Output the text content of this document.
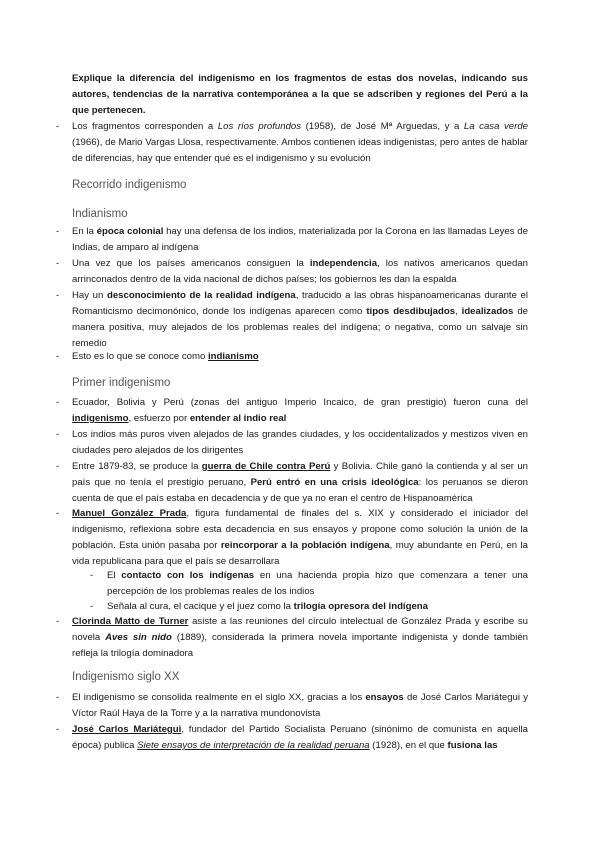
Explique la diferencia del indigenismo en los fragmentos de estas dos novelas, indicando sus autores, tendencias de la narrativa contemporánea a la que se adscriben y regiones del Perú a la que pertenecen.
- Los fragmentos corresponden a Los ríos profundos (1958), de José Mª Arguedas, y a La casa verde (1966), de Mario Vargas Llosa, respectivamente. Ambos contienen ideas indigenistas, pero antes de hablar de diferencias, hay que entender qué es el indigenismo y su evolución
Recorrido indigenismo
Indianismo
- En la época colonial hay una defensa de los indios, materializada por la Corona en las llamadas Leyes de Indias, de amparo al indígena
- Una vez que los países americanos consiguen la independencia, los nativos americanos quedan arrinconados dentro de la vida nacional de dichos países; los gobiernos les dan la espalda
- Hay un desconocimiento de la realidad indígena, traducido a las obras hispanoamericanas durante el Romanticismo decimonónico, donde los indígenas aparecen como tipos desdibujados, idealizados de manera positiva, muy alejados de los problemas reales del indígena; o negativa, como un salvaje sin remedio
- Esto es lo que se conoce como indianismo
Primer indigenismo
- Ecuador, Bolivia y Perú (zonas del antiguo Imperio Incaico, de gran prestigio) fueron cuna del indigenismo, esfuerzo por entender al indio real
- Los indios más puros viven alejados de las grandes ciudades, y los occidentalizados y mestizos viven en ciudades pero alejados de los dirigentes
- Entre 1879-83, se produce la guerra de Chile contra Perú y Bolivia. Chile ganó la contienda y al ser un país que no tenía el prestigio peruano, Perú entró en una crisis ideológica: los peruanos se dieron cuenta de que el país estaba en decadencia y de que ya no eran el centro de Hispanoamérica
- Manuel González Prada, figura fundamental de finales del s. XIX y considerado el iniciador del indigenismo, reflexiona sobre esta decadencia en sus ensayos y propone como solución la unión de la población. Esta unión pasaba por reincorporar a la población indígena, muy abundante en Perú, en la vida republicana para que el país se desarrollara
- El contacto con los indígenas en una hacienda propia hizo que comenzara a tener una percepción de los problemas reales de los indios
- Señala al cura, el cacique y el juez como la trilogía opresora del indígena
- Clorinda Matto de Turner asiste a las reuniones del círculo intelectual de González Prada y escribe su novela Aves sin nido (1889), considerada la primera novela importante indigenista y donde también refleja la trilogía dominadora
Indigenismo siglo XX
- El indigenismo se consolida realmente en el siglo XX, gracias a los ensayos de José Carlos Mariátegui y Víctor Raúl Haya de la Torre y a la narrativa mundonovista
- José Carlos Mariátegui, fundador del Partido Socialista Peruano (sinónimo de comunista en aquella época) publica Siete ensayos de interpretación de la realidad peruana (1928), en el que fusiona las
